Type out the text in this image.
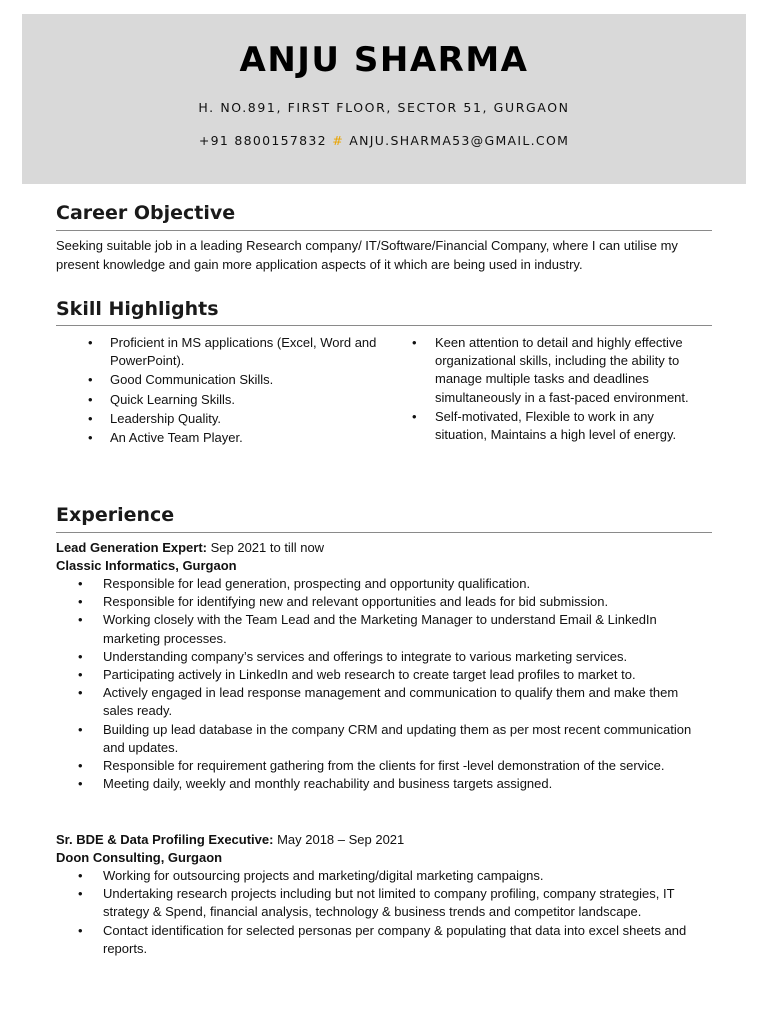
ANJU SHARMA
H. NO.891, FIRST FLOOR, SECTOR 51, GURGAON
+91 8800157832 # ANJU.SHARMA53@GMAIL.COM
Career Objective
Seeking suitable job in a leading Research company/ IT/Software/Financial Company, where I can utilise my present knowledge and gain more application aspects of it which are being used in industry.
Skill Highlights
• Proficient in MS applications (Excel, Word and PowerPoint).
• Good Communication Skills.
• Quick Learning Skills.
• Leadership Quality.
• An Active Team Player.
• Keen attention to detail and highly effective organizational skills, including the ability to manage multiple tasks and deadlines simultaneously in a fast-paced environment.
• Self-motivated, Flexible to work in any situation, Maintains a high level of energy.
Experience
Lead Generation Expert: Sep 2021 to till now
Classic Informatics, Gurgaon
• Responsible for lead generation, prospecting and opportunity qualification.
• Responsible for identifying new and relevant opportunities and leads for bid submission.
• Working closely with the Team Lead and the Marketing Manager to understand Email & LinkedIn marketing processes.
• Understanding company’s services and offerings to integrate to various marketing services.
• Participating actively in LinkedIn and web research to create target lead profiles to market to.
• Actively engaged in lead response management and communication to qualify them and make them sales ready.
• Building up lead database in the company CRM and updating them as per most recent communication and updates.
• Responsible for requirement gathering from the clients for first -level demonstration of the service.
• Meeting daily, weekly and monthly reachability and business targets assigned.
Sr. BDE & Data Profiling Executive: May 2018 – Sep 2021
Doon Consulting, Gurgaon
• Working for outsourcing projects and marketing/digital marketing campaigns.
• Undertaking research projects including but not limited to company profiling, company strategies, IT strategy & Spend, financial analysis, technology & business trends and competitor landscape.
• Contact identification for selected personas per company & populating that data into excel sheets and reports.
